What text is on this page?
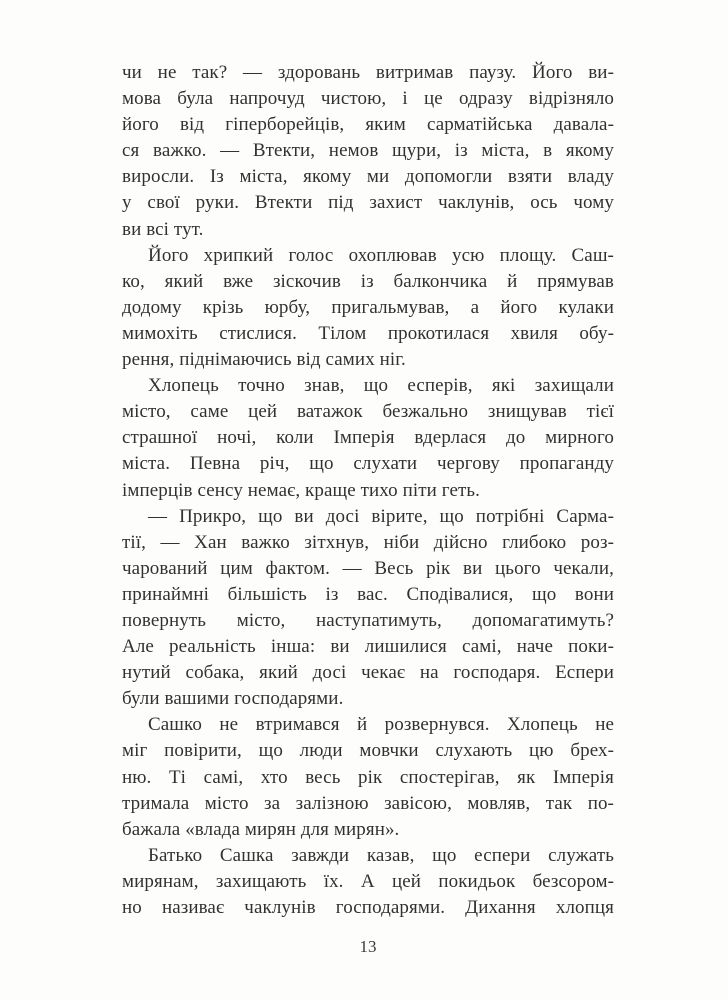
чи не так? — здоровань витримав паузу. Його ви-
мова була напрочуд чистою, і це одразу відрізняло
його від гіперборейців, яким сарматійська давала-
ся важко. — Втекти, немов щури, із міста, в якому
виросли. Із міста, якому ми допомогли взяти владу
у свої руки. Втекти під захист чаклунів, ось чому
ви всі тут.
Його хрипкий голос охоплював усю площу. Саш-
ко, який вже зіскочив із балкончика й прямував
додому крізь юрбу, пригальмував, а його кулаки
мимохіть стислися. Тілом прокотилася хвиля обу-
рення, піднімаючись від самих ніг.
Хлопець точно знав, що есперів, які захищали
місто, саме цей ватажок безжально знищував тієї
страшної ночі, коли Імперія вдерлася до мирного
міста. Певна річ, що слухати чергову пропаганду
імперців сенсу немає, краще тихо піти геть.
— Прикро, що ви досі вірите, що потрібні Сарма-
тії, — Хан важко зітхнув, ніби дійсно глибоко роз-
чарований цим фактом. — Весь рік ви цього чекали,
принаймні більшість із вас. Сподівалися, що вони
повернуть місто, наступатимуть, допомагатимуть?
Але реальність інша: ви лишилися самі, наче поки-
нутий собака, який досі чекає на господаря. Еспери
були вашими господарями.
Сашко не втримався й розвернувся. Хлопець не
міг повірити, що люди мовчки слухають цю брех-
ню. Ті самі, хто весь рік спостерігав, як Імперія
тримала місто за залізною завісою, мовляв, так по-
бажала «влада мирян для мирян».
Батько Сашка завжди казав, що еспери служать
мирянам, захищають їх. А цей покидьок безсором-
но називає чаклунів господарями. Дихання хлопця
13
